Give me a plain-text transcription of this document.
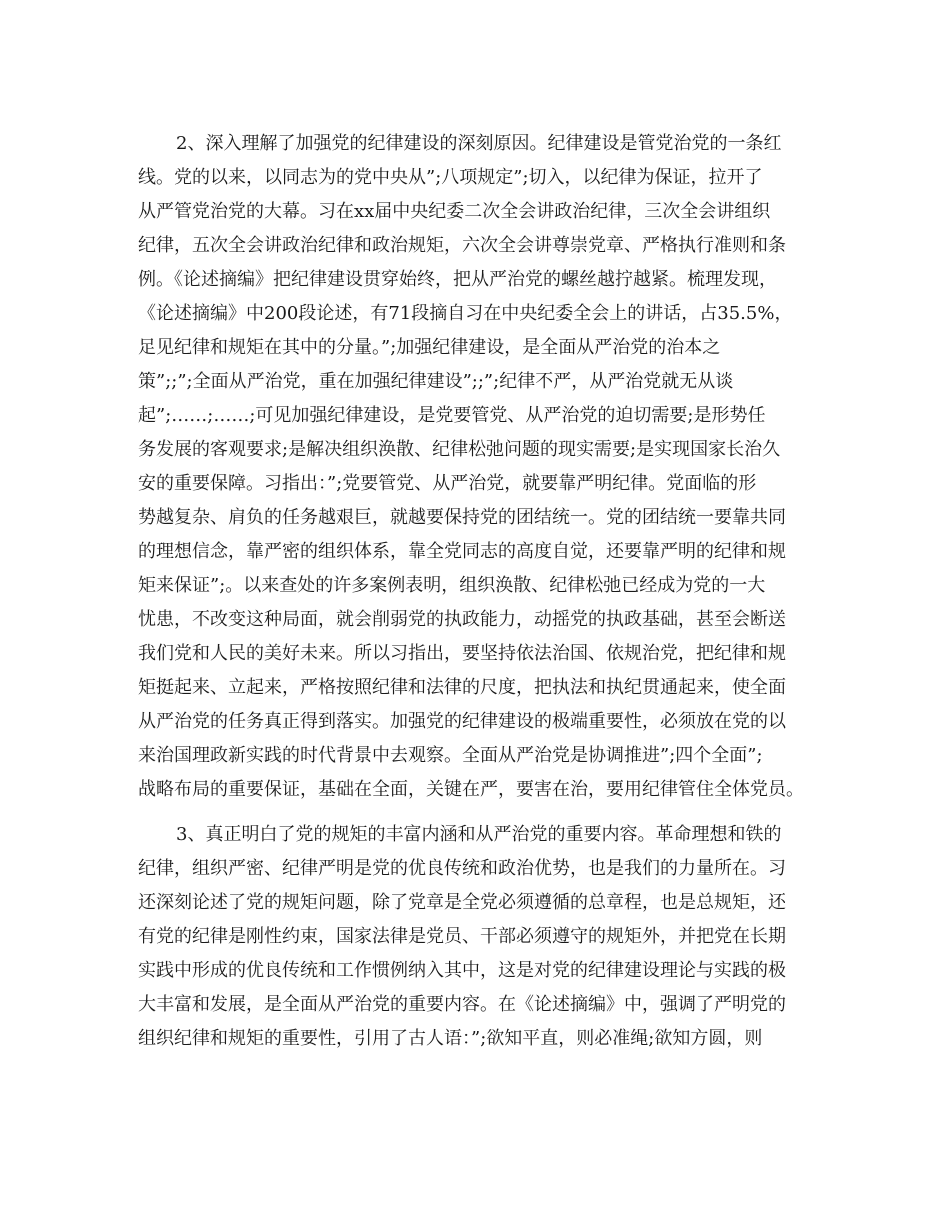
2、深入理解了加强党的纪律建设的深刻原因。纪律建设是管党治党的一条红
线。党的以来，以同志为的党中央从”;八项规定”;切入，以纪律为保证，拉开了
从严管党治党的大幕。习在xx届中央纪委二次全会讲政治纪律，三次全会讲组织
纪律，五次全会讲政治纪律和政治规矩，六次全会讲尊崇党章、严格执行准则和条
例。《论述摘编》把纪律建设贯穿始终，把从严治党的螺丝越拧越紧。梳理发现，
《论述摘编》中200段论述，有71段摘自习在中央纪委全会上的讲话，占35.5%，
足见纪律和规矩在其中的分量。”;加强纪律建设，是全面从严治党的治本之
策”;;”;全面从严治党，重在加强纪律建设”;;”;纪律不严，从严治党就无从谈
起”;……;……;可见加强纪律建设，是党要管党、从严治党的迫切需要;是形势任
务发展的客观要求;是解决组织涣散、纪律松弛问题的现实需要;是实现国家长治久
安的重要保障。习指出：”;党要管党、从严治党，就要靠严明纪律。党面临的形
势越复杂、肩负的任务越艰巨，就越要保持党的团结统一。党的团结统一要靠共同
的理想信念，靠严密的组织体系，靠全党同志的高度自觉，还要靠严明的纪律和规
矩来保证”;。以来查处的许多案例表明，组织涣散、纪律松弛已经成为党的一大
忧患，不改变这种局面，就会削弱党的执政能力，动摇党的执政基础，甚至会断送
我们党和人民的美好未来。所以习指出，要坚持依法治国、依规治党，把纪律和规
矩挺起来、立起来，严格按照纪律和法律的尺度，把执法和执纪贯通起来，使全面
从严治党的任务真正得到落实。加强党的纪律建设的极端重要性，必须放在党的以
来治国理政新实践的时代背景中去观察。全面从严治党是协调推进”;四个全面”;
战略布局的重要保证，基础在全面，关键在严，要害在治，要用纪律管住全体党员。
3、真正明白了党的规矩的丰富内涵和从严治党的重要内容。革命理想和铁的
纪律，组织严密、纪律严明是党的优良传统和政治优势，也是我们的力量所在。习
还深刻论述了党的规矩问题，除了党章是全党必须遵循的总章程，也是总规矩，还
有党的纪律是刚性约束，国家法律是党员、干部必须遵守的规矩外，并把党在长期
实践中形成的优良传统和工作惯例纳入其中，这是对党的纪律建设理论与实践的极
大丰富和发展，是全面从严治党的重要内容。在《论述摘编》中，强调了严明党的
组织纪律和规矩的重要性，引用了古人语：”;欲知平直，则必准绳;欲知方圆，则
